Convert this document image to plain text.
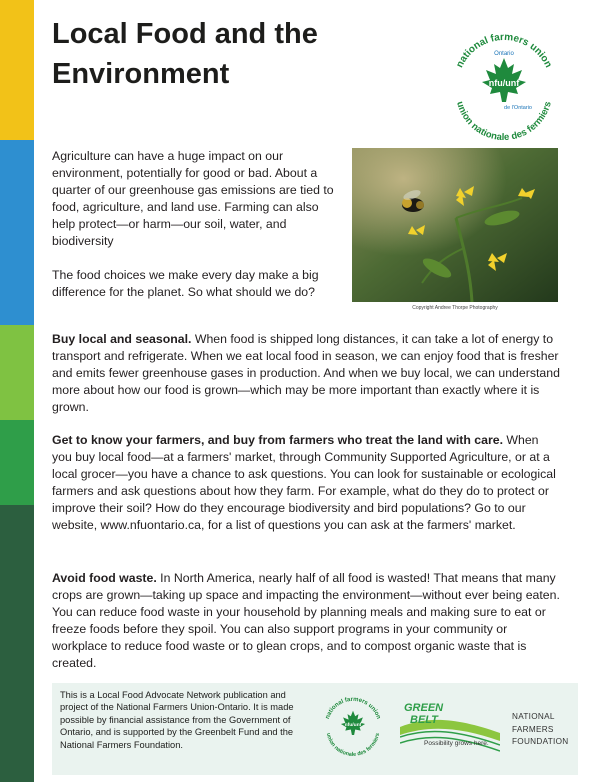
Local Food and the Environment	national farmers union
union nationale des fermiers
Ontario
nfu/unf
de l'Ontario

Agriculture can have a huge impact on our environment, potentially for good or bad. About a quarter of our greenhouse gas emissions are tied to food, agriculture, and land use. Farming can also help protect—or harm—our soil, water, and biodiversity

The food choices we make every day make a big difference for the planet. So what should we do?

Copyright Andree Thorpe Photography

Buy local and seasonal. When food is shipped long distances, it can take a lot of energy to transport and refrigerate. When we eat local food in season, we can enjoy food that is fresher and emits fewer greenhouse gases in production. And when we buy local, we can understand more about how our food is grown—which may be more important than exactly where it is grown.

Get to know your farmers, and buy from farmers who treat the land with care. When you buy local food—at a farmers' market, through Community Supported Agriculture, or at a local grocer—you have a chance to ask questions. You can look for sustainable or ecological farmers and ask questions about how they farm. For example, what do they do to protect or improve their soil? How do they encourage biodiversity and bird populations? Go to our website, www.nfuontario.ca, for a list of questions you can ask at the farmers' market.

Avoid food waste. In North America, nearly half of all food is wasted! That means that many crops are grown—taking up space and impacting the environment—without ever being eaten. You can reduce food waste in your household by planning meals and making sure to eat or freeze foods before they spoil. You can also support programs in your community or workplace to reduce food waste or to glean crops, and to compost organic waste that is created.

This is a Local Food Advocate Network publication and project of the National Farmers Union-Ontario. It is made possible by financial assistance from the Government of Ontario, and is supported by the Greenbelt Fund and the National Farmers Foundation.
national farmers union
union nationale des fermiers
nfu/unf
GREEN
BELT
Possibility grows here.
NATIONAL
FARMERS
FOUNDATION
